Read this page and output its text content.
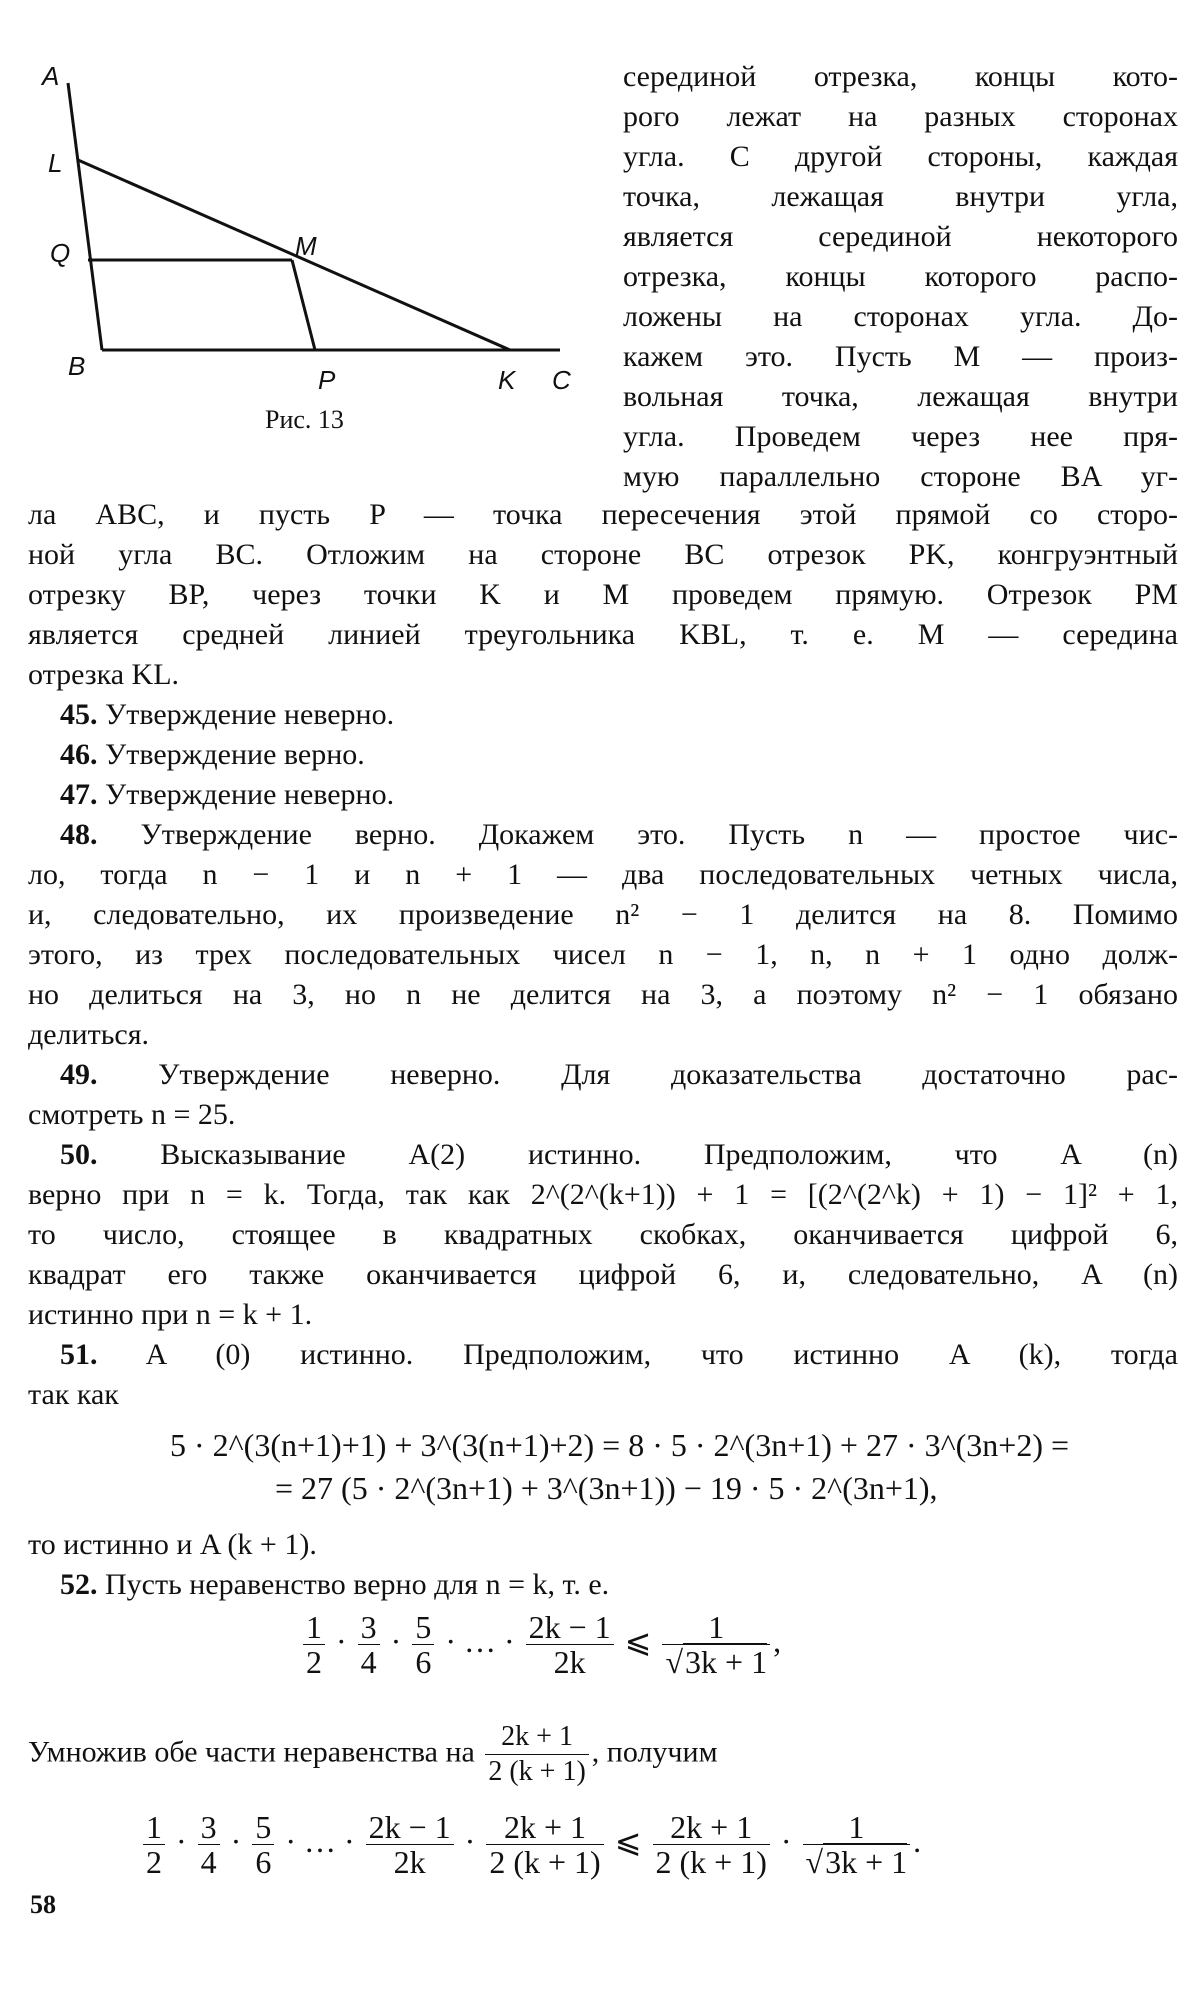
A
L
Q	M
B	P	K C
Рис. 13
серединой отрезка, концы кото-
рого лежат на разных сторонах
угла. С другой стороны, каждая
точка, лежащая внутри угла,
является серединой некоторого
отрезка, концы которого распо-
ложены на сторонах угла. До-
кажем это. Пусть M — произ-
вольная точка, лежащая внутри
угла. Проведем через нее пря-
мую параллельно стороне BA уг-
ла ABC, и пусть P — точка пересечения этой прямой со сторо-
ной угла BC. Отложим на стороне BC отрезок PK, конгруэнтный
отрезку BP, через точки K и M проведем прямую. Отрезок PM
является средней линией треугольника KBL, т. е. M — середина
отрезка KL.
45. Утверждение неверно.
46. Утверждение верно.
47. Утверждение неверно.
48. Утверждение верно. Докажем это. Пусть n — простое чис-
ло, тогда n − 1 и n + 1 — два последовательных четных числа,
и, следовательно, их произведение n² − 1 делится на 8. Помимо
этого, из трех последовательных чисел n − 1, n, n + 1 одно долж-
но делиться на 3, но n не делится на 3, а поэтому n² − 1 обязано
делиться.
49. Утверждение неверно. Для доказательства достаточно рас-
смотреть n = 25.
50. Высказывание A(2) истинно. Предположим, что A (n)
верно при n = k. Тогда, так как 2^(2^(k+1)) + 1 = [(2^(2^k) + 1) − 1]² + 1,
то число, стоящее в квадратных скобках, оканчивается цифрой 6,
квадрат его также оканчивается цифрой 6, и, следовательно, A (n)
истинно при n = k + 1.
51. A (0) истинно. Предположим, что истинно A (k), тогда
так как
5 · 2^(3(n+1)+1) + 3^(3(n+1)+2) = 8 · 5 · 2^(3n+1) + 27 · 3^(3n+2) =
= 27 (5 · 2^(3n+1) + 3^(3n+1)) − 19 · 5 · 2^(3n+1),
то истинно и A (k + 1).
52. Пусть неравенство верно для n = k, т. е.
$\frac{1}{2} \cdot \frac{3}{4} \cdot \frac{5}{6}$ · … · $\frac{2k - 1}{2k}$ ⩽ $\frac{1}{√3k + 1}$ ,
Умножив обе части неравенства на $\frac{2k + 1}{2 (k + 1)}$ , получим
$\frac{1}{2} \cdot \frac{3}{4} \cdot \frac{5}{6}$ · … · $\frac{2k - 1}{2k} \cdot \frac{2k + 1}{2 (k + 1)}$ ⩽ $\frac{2k + 1}{2 (k + 1)} \cdot \frac{1}{√3k + 1}$ .
58
